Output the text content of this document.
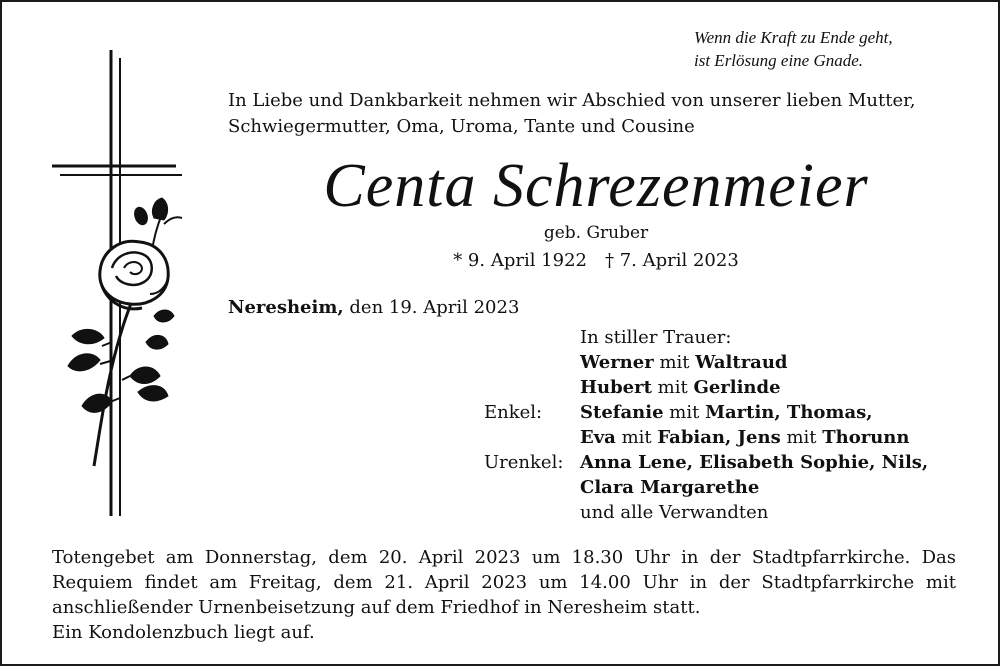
Wenn die Kraft zu Ende geht,
ist Erlösung eine Gnade.
In Liebe und Dankbarkeit nehmen wir Abschied von unserer lieben Mutter,
Schwiegermutter, Oma, Uroma, Tante und Cousine
Centa Schrezenmeier
geb. Gruber
* 9. April 1922 † 7. April 2023
Neresheim, den 19. April 2023
In stiller Trauer:
Werner mit Waltraud
Hubert mit Gerlinde
Enkel:	Stefanie mit Martin, Thomas,
Eva mit Fabian, Jens mit Thorunn
Urenkel: Anna Lene, Elisabeth Sophie, Nils,
Clara Margarethe
und alle Verwandten
Totengebet am Donnerstag, dem 20. April 2023 um 18.30 Uhr in der Stadtpfarrkirche. Das
Requiem findet am Freitag, dem 21. April 2023 um 14.00 Uhr in der Stadtpfarrkirche mit
anschließender Urnenbeisetzung auf dem Friedhof in Neresheim statt.
Ein Kondolenzbuch liegt auf.
